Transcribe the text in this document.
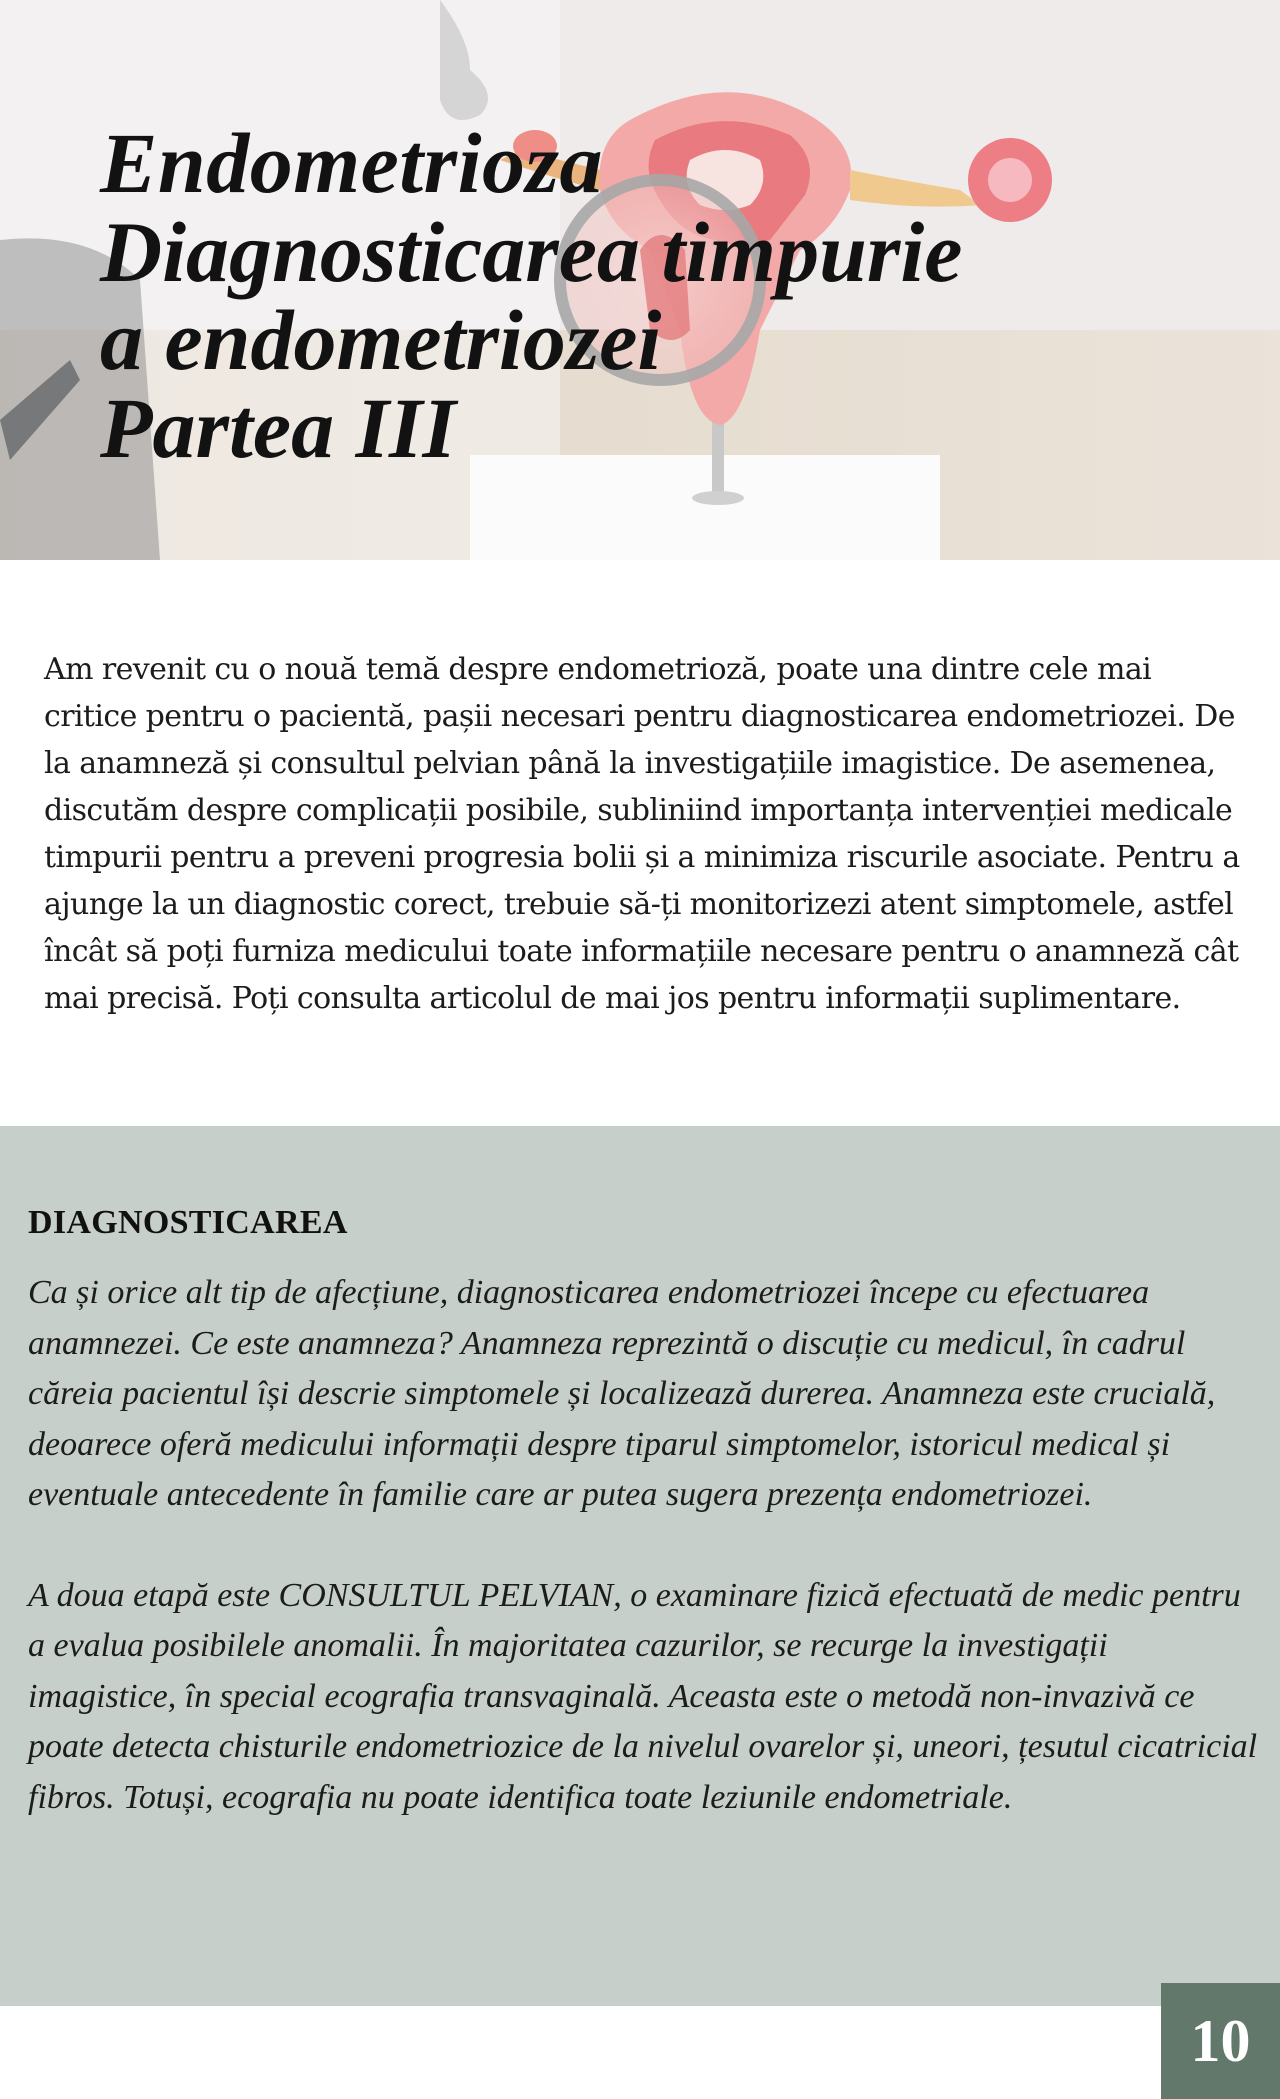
Endometrioza
Diagnosticarea timpurie
a endometriozei
Partea III

Am revenit cu o nouă temă despre endometrioză, poate una dintre cele mai critice pentru o pacientă, pașii necesari pentru diagnosticarea endometriozei. De la anamneză și consultul pelvian până la investigațiile imagistice. De asemenea, discutăm despre complicații posibile, subliniind importanța intervenției medicale timpurii pentru a preveni progresia bolii și a minimiza riscurile asociate. Pentru a ajunge la un diagnostic corect, trebuie să-ți monitorizezi atent simptomele, astfel încât să poți furniza medicului toate informațiile necesare pentru o anamneză cât mai precisă. Poți consulta articolul de mai jos pentru informații suplimentare.

DIAGNOSTICAREA

Ca și orice alt tip de afecțiune, diagnosticarea endometriozei începe cu efectuarea anamnezei. Ce este anamneza? Anamneza reprezintă o discuție cu medicul, în cadrul căreia pacientul își descrie simptomele și localizează durerea. Anamneza este crucială, deoarece oferă medicului informații despre tiparul simptomelor, istoricul medical și eventuale antecedente în familie care ar putea sugera prezența endometriozei.

A doua etapă este CONSULTUL PELVIAN, o examinare fizică efectuată de medic pentru a evalua posibilele anomalii. În majoritatea cazurilor, se recurge la investigații imagistice, în special ecografia transvaginală. Aceasta este o metodă non-invazivă ce poate detecta chisturile endometriozice de la nivelul ovarelor și, uneori, țesutul cicatricial fibros. Totuși, ecografia nu poate identifica toate leziunile endometriale.

10
